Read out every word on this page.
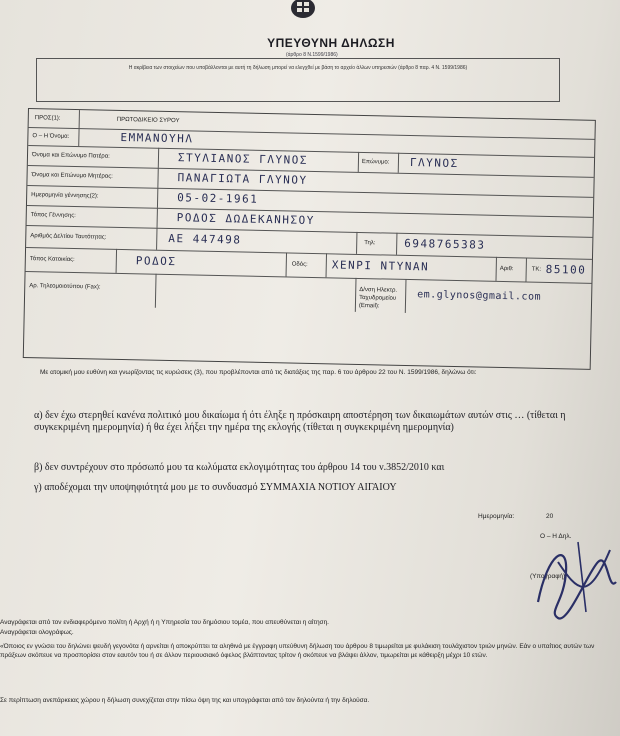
ΥΠΕΥΘΥΝΗ ΔΗΛΩΣΗ
(άρθρο 8 Ν.1599/1986)
Η ακρίβεια των στοιχείων που υποβάλλονται με αυτή τη δήλωση μπορεί να ελεγχθεί με βάση το αρχείο άλλων υπηρεσιών (άρθρο 8 παρ. 4 Ν. 1599/1986)
ΠΡΟΣ(1):	ΠΡΩΤΟΔΙΚΕΙΟ ΣΥΡΟΥ
Ο – Η Όνομα:	ΕΜΜΑΝΟΥΗΛ
Όνομα και Επώνυμο Πατέρα:	ΣΤΥΛΙΑΝΟΣ ΓΛΥΝΟΣ	Επώνυμο: ΓΛΥΝΟΣ
Όνομα και Επώνυμο Μητέρας:	ΠΑΝΑΓΙΩΤΑ ΓΛΥΝΟΥ
Ημερομηνία γέννησης(2):	05-02-1961
Τόπος Γέννησης:	ΡΟΔΟΣ ΔΩΔΕΚΑΝΗΣΟΥ
Αριθμός Δελτίου Ταυτότητας:	ΑΕ 447498	Τηλ:	6948765383
Τόπος Κατοικίας:	ΡΟΔΟΣ	Οδός: ΧΕΝΡΙ ΝΤΥΝΑΝ	Αριθ:	ΤΚ: 85100
Αρ. Τηλεομοιοτύπου (Fax):	Δ/νση Ηλεκτρ. Ταχυδρομείου (Email):
em.glynos@gmail.com
Με ατομική μου ευθύνη και γνωρίζοντας τις κυρώσεις (3), που προβλέπονται από τις διατάξεις της παρ. 6 του άρθρου 22 του Ν. 1599/1986, δηλώνω ότι:
α) δεν έχω στερηθεί κανένα πολιτικό μου δικαίωμα ή ότι έληξε η πρόσκαιρη αποστέρηση των δικαιωμάτων αυτών στις … (τίθεται η συγκεκριμένη ημερομηνία) ή θα έχει λήξει την ημέρα της εκλογής (τίθεται η συγκεκριμένη ημερομηνία)
β) δεν συντρέχουν στο πρόσωπό μου τα κωλύματα εκλογιμότητας του άρθρου 14 του ν.3852/2010 και
γ) αποδέχομαι την υποψηφιότητά μου με το συνδυασμό ΣΥΜΜΑΧΙΑ ΝΟΤΙΟΥ ΑΙΓΑΙΟΥ
Ημερομηνία:	20
Ο – Η Δηλ.
(Υπογραφή)
Αναγράφεται από τον ενδιαφερόμενο πολίτη ή Αρχή ή η Υπηρεσία του δημόσιου τομέα, που απευθύνεται η αίτηση.
Αναγράφεται ολογράφως.
«Όποιος εν γνώσει του δηλώνει ψευδή γεγονότα ή αρνείται ή αποκρύπτει τα αληθινά με έγγραφη υπεύθυνη δήλωση του άρθρου 8 τιμωρείται με φυλάκιση τουλάχιστον τριών μηνών. Εάν ο υπαίτιος αυτών των πράξεων σκόπευε να προσπορίσει στον εαυτόν του ή σε άλλον περιουσιακό όφελος βλάπτοντας τρίτον ή σκόπευε να βλάψει άλλον, τιμωρείται με κάθειρξη μέχρι 10 ετών.
Σε περίπτωση ανεπάρκειας χώρου η δήλωση συνεχίζεται στην πίσω όψη της και υπογράφεται από τον δηλούντα ή την δηλούσα.
